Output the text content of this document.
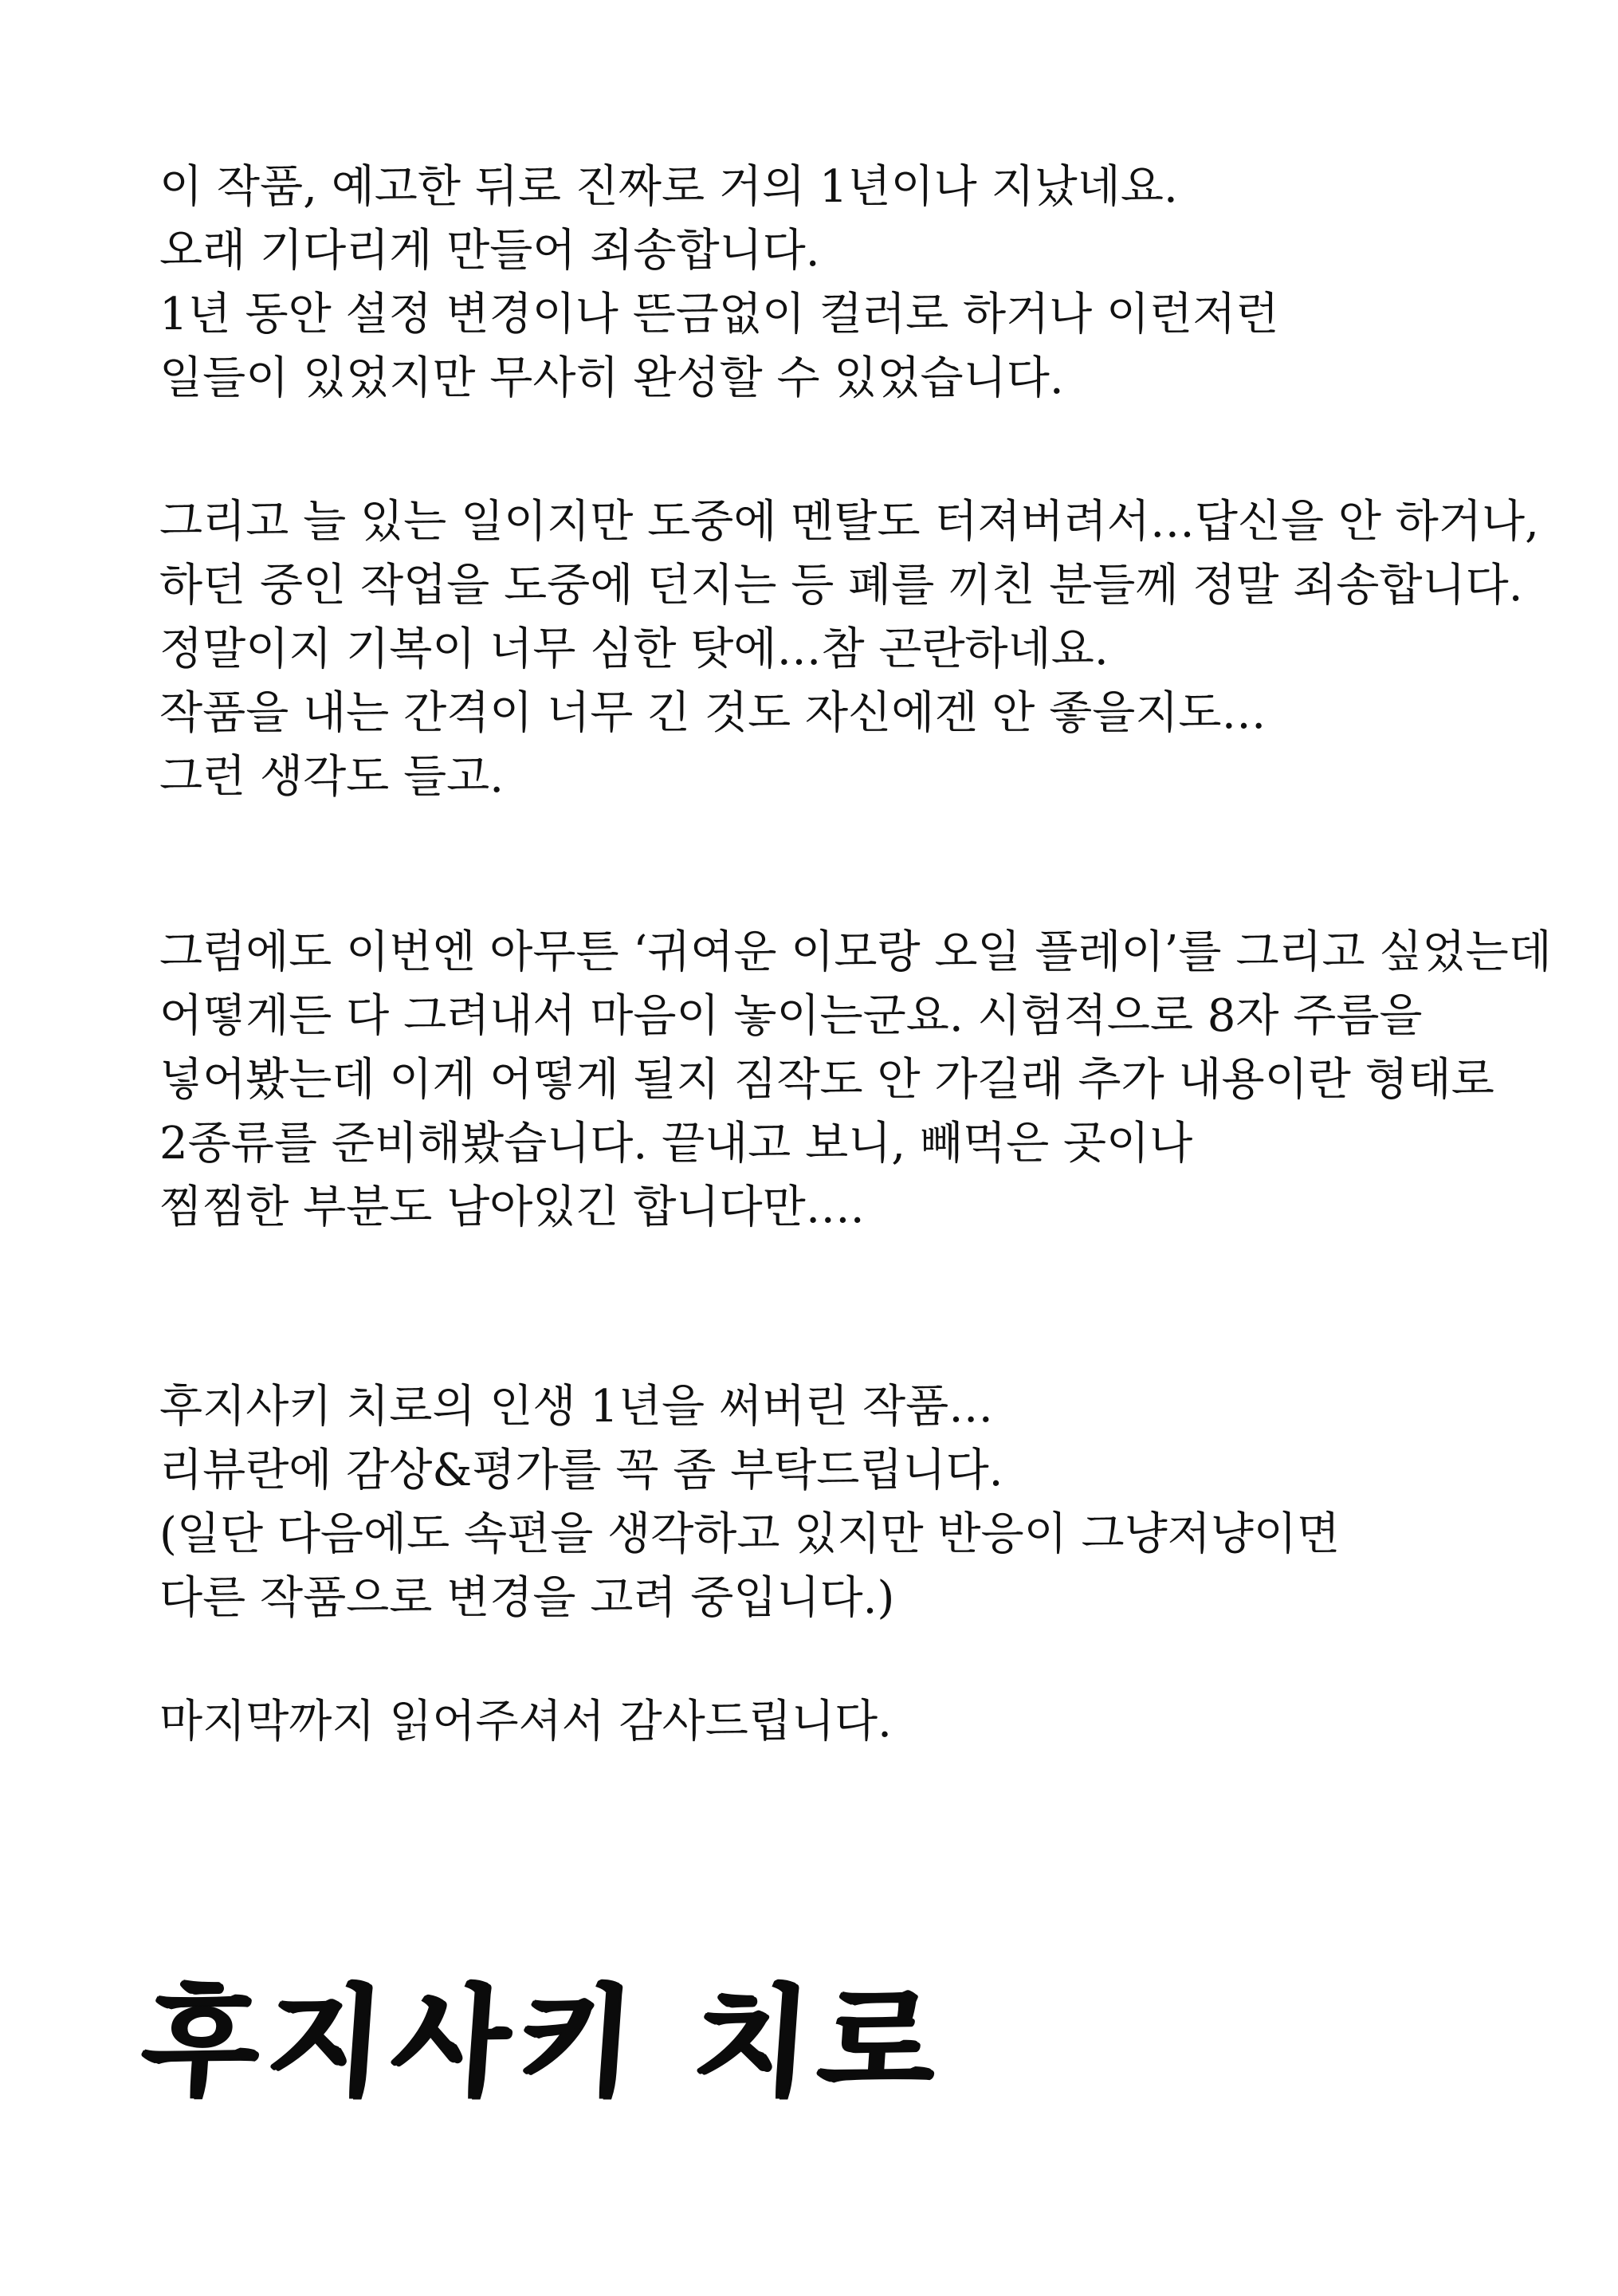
이 작품, 예고한 뒤로 진짜로 거의 1년이나 지났네요.
오래 기다리게 만들어 죄송합니다.
1년 동안 설정 변경이나 뜬금없이 컬러로 하거나 이런저런
일들이 있었지만 무사히 완성할 수 있었습니다.
그리고 늘 있는 일이지만 도중에 멘탈도 터져버려서…답신을 안 하거나,
하던 중인 작업을 도중에 던지는 등 폐를 끼친 분들께 정말 죄송합니다.
정말이지 기복이 너무 심한 탓에…참 곤란하네요.
작품을 내는 간격이 너무 긴 것도 자신에겐 안 좋을지도…
그런 생각도 들고.
그럼에도 이번엔 아무튼 ‘귀여운 이모랑 오일 플레이’를 그리고 싶었는데
어떻게든 다 그려내서 마음이 놓이는군요. 시험적으로 8자 주름을
넣어봤는데 이게 어떻게 될지 짐작도 안 가길래 추가 내용이란 형태로
2종류를 준비해봤습니다. 끝내고 보니, 빼먹은 곳이나
찜찜한 부분도 남아있긴 합니다만….
후지사키 치로의 인생 1년을 써버린 작품…
리뷰란에 감상&평가를 꼭 좀 부탁드립니다.
(일단 다음에도 속편을 생각하고 있지만 반응이 그냥저냥이면
다른 작품으로 변경을 고려 중입니다.)
마지막까지 읽어주셔서 감사드립니다.
후지사키 치로
